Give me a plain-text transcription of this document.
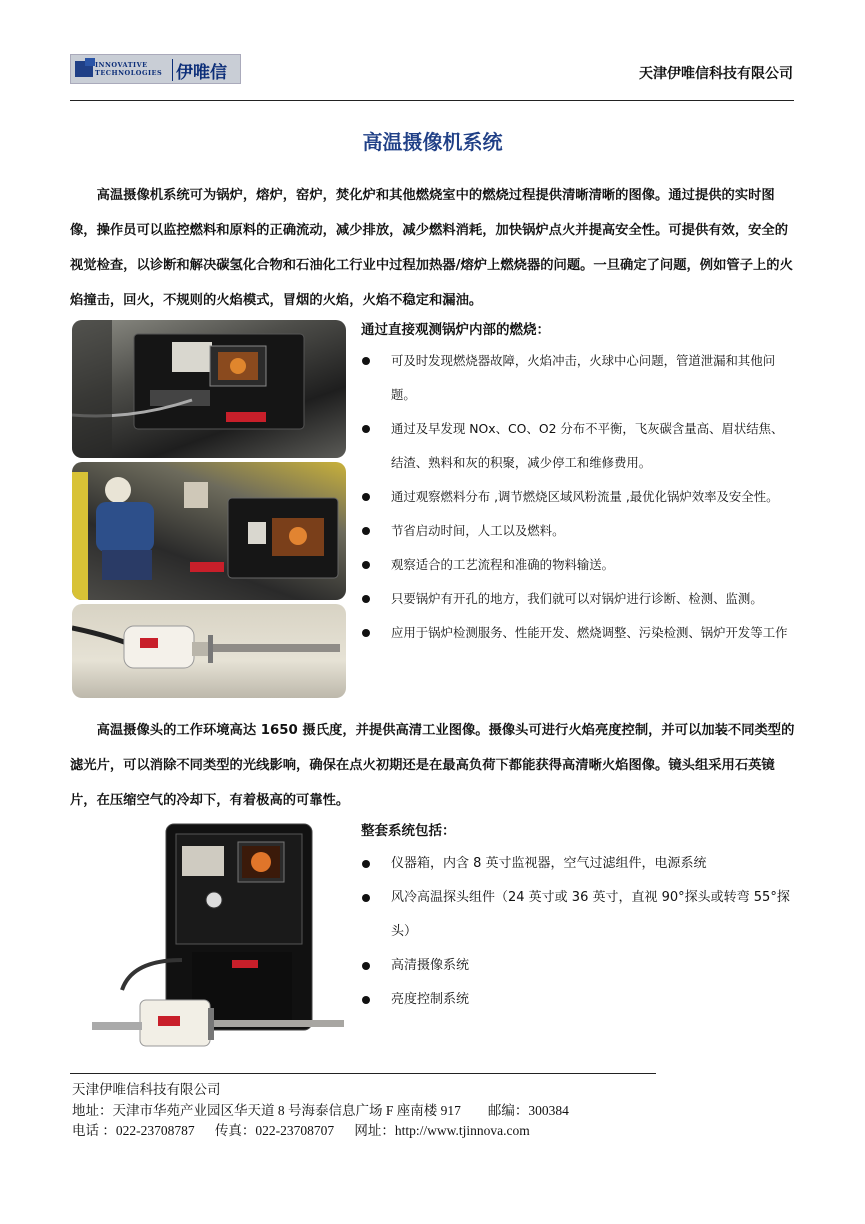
INNOVATIVE
TECHNOLOGIES 伊唯信	天津伊唯信科技有限公司
高温摄像机系统
高温摄像机系统可为锅炉，熔炉，窑炉，焚化炉和其他燃烧室中的燃烧过程提供清晰清晰的图像。通过提供的实时图像，操作员可以监控燃料和原料的正确流动，减少排放，减少燃料消耗，加快锅炉点火并提高安全性。可提供有效，安全的视觉检查，以诊断和解决碳氢化合物和石油化工行业中过程加热器/熔炉上燃烧器的问题。一旦确定了问题，例如管子上的火焰撞击，回火，不规则的火焰模式，冒烟的火焰，火焰不稳定和漏油。
通过直接观测锅炉内部的燃烧：
可及时发现燃烧器故障，火焰冲击，火球中心问题，管道泄漏和其他问题。
通过及早发现 NOx、CO、O2 分布不平衡，飞灰碳含量高、眉状结焦、结渣、熟料和灰的积聚，减少停工和维修费用。
通过观察燃料分布 ,调节燃烧区域风粉流量 ,最优化锅炉效率及安全性。
节省启动时间，人工以及燃料。
观察适合的工艺流程和准确的物料输送。
只要锅炉有开孔的地方，我们就可以对锅炉进行诊断、检测、监测。
应用于锅炉检测服务、性能开发、燃烧调整、污染检测、锅炉开发等工作
高温摄像头的工作环境高达 1650 摄氏度，并提供高清工业图像。摄像头可进行火焰亮度控制，并可以加装不同类型的滤光片，可以消除不同类型的光线影响，确保在点火初期还是在最高负荷下都能获得高清晰火焰图像。镜头组采用石英镜片，在压缩空气的冷却下，有着极高的可靠性。
整套系统包括：
仪器箱，内含 8 英寸监视器，空气过滤组件，电源系统
风冷高温探头组件（24 英寸或 36 英寸，直视 90°探头或转弯 55°探头）
高清摄像系统
亮度控制系统
天津伊唯信科技有限公司
地址：天津市华苑产业园区华天道 8 号海泰信息广场 F 座南楼 917        邮编：300384
电话 ：022-23708787      传真：022-23708707      网址：http://www.tjinnova.com
